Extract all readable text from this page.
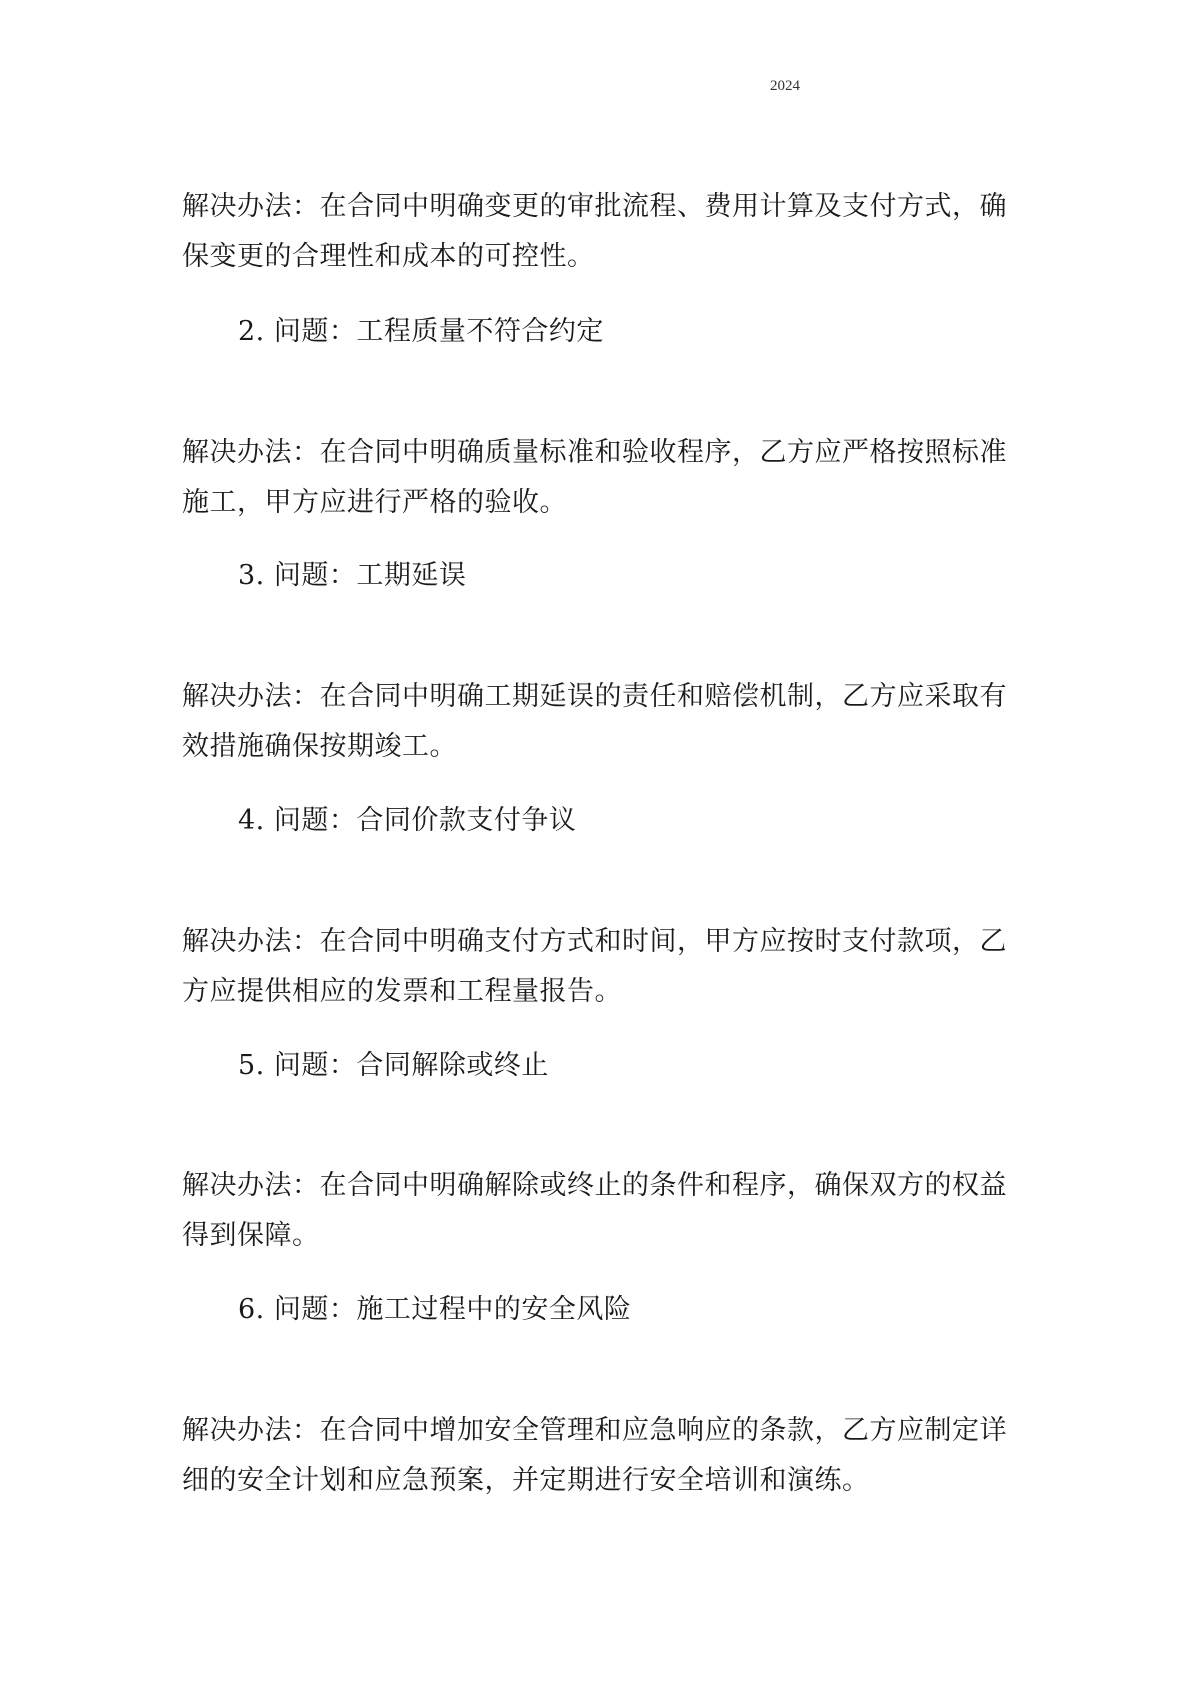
2024
解决办法：在合同中明确变更的审批流程、费用计算及支付方式，确保变更的合理性和成本的可控性。
2. 问题：工程质量不符合约定
解决办法：在合同中明确质量标准和验收程序，乙方应严格按照标准施工，甲方应进行严格的验收。
3. 问题：工期延误
解决办法：在合同中明确工期延误的责任和赔偿机制，乙方应采取有效措施确保按期竣工。
4. 问题：合同价款支付争议
解决办法：在合同中明确支付方式和时间，甲方应按时支付款项，乙方应提供相应的发票和工程量报告。
5. 问题：合同解除或终止
解决办法：在合同中明确解除或终止的条件和程序，确保双方的权益得到保障。
6. 问题：施工过程中的安全风险
解决办法：在合同中增加安全管理和应急响应的条款，乙方应制定详细的安全计划和应急预案，并定期进行安全培训和演练。
